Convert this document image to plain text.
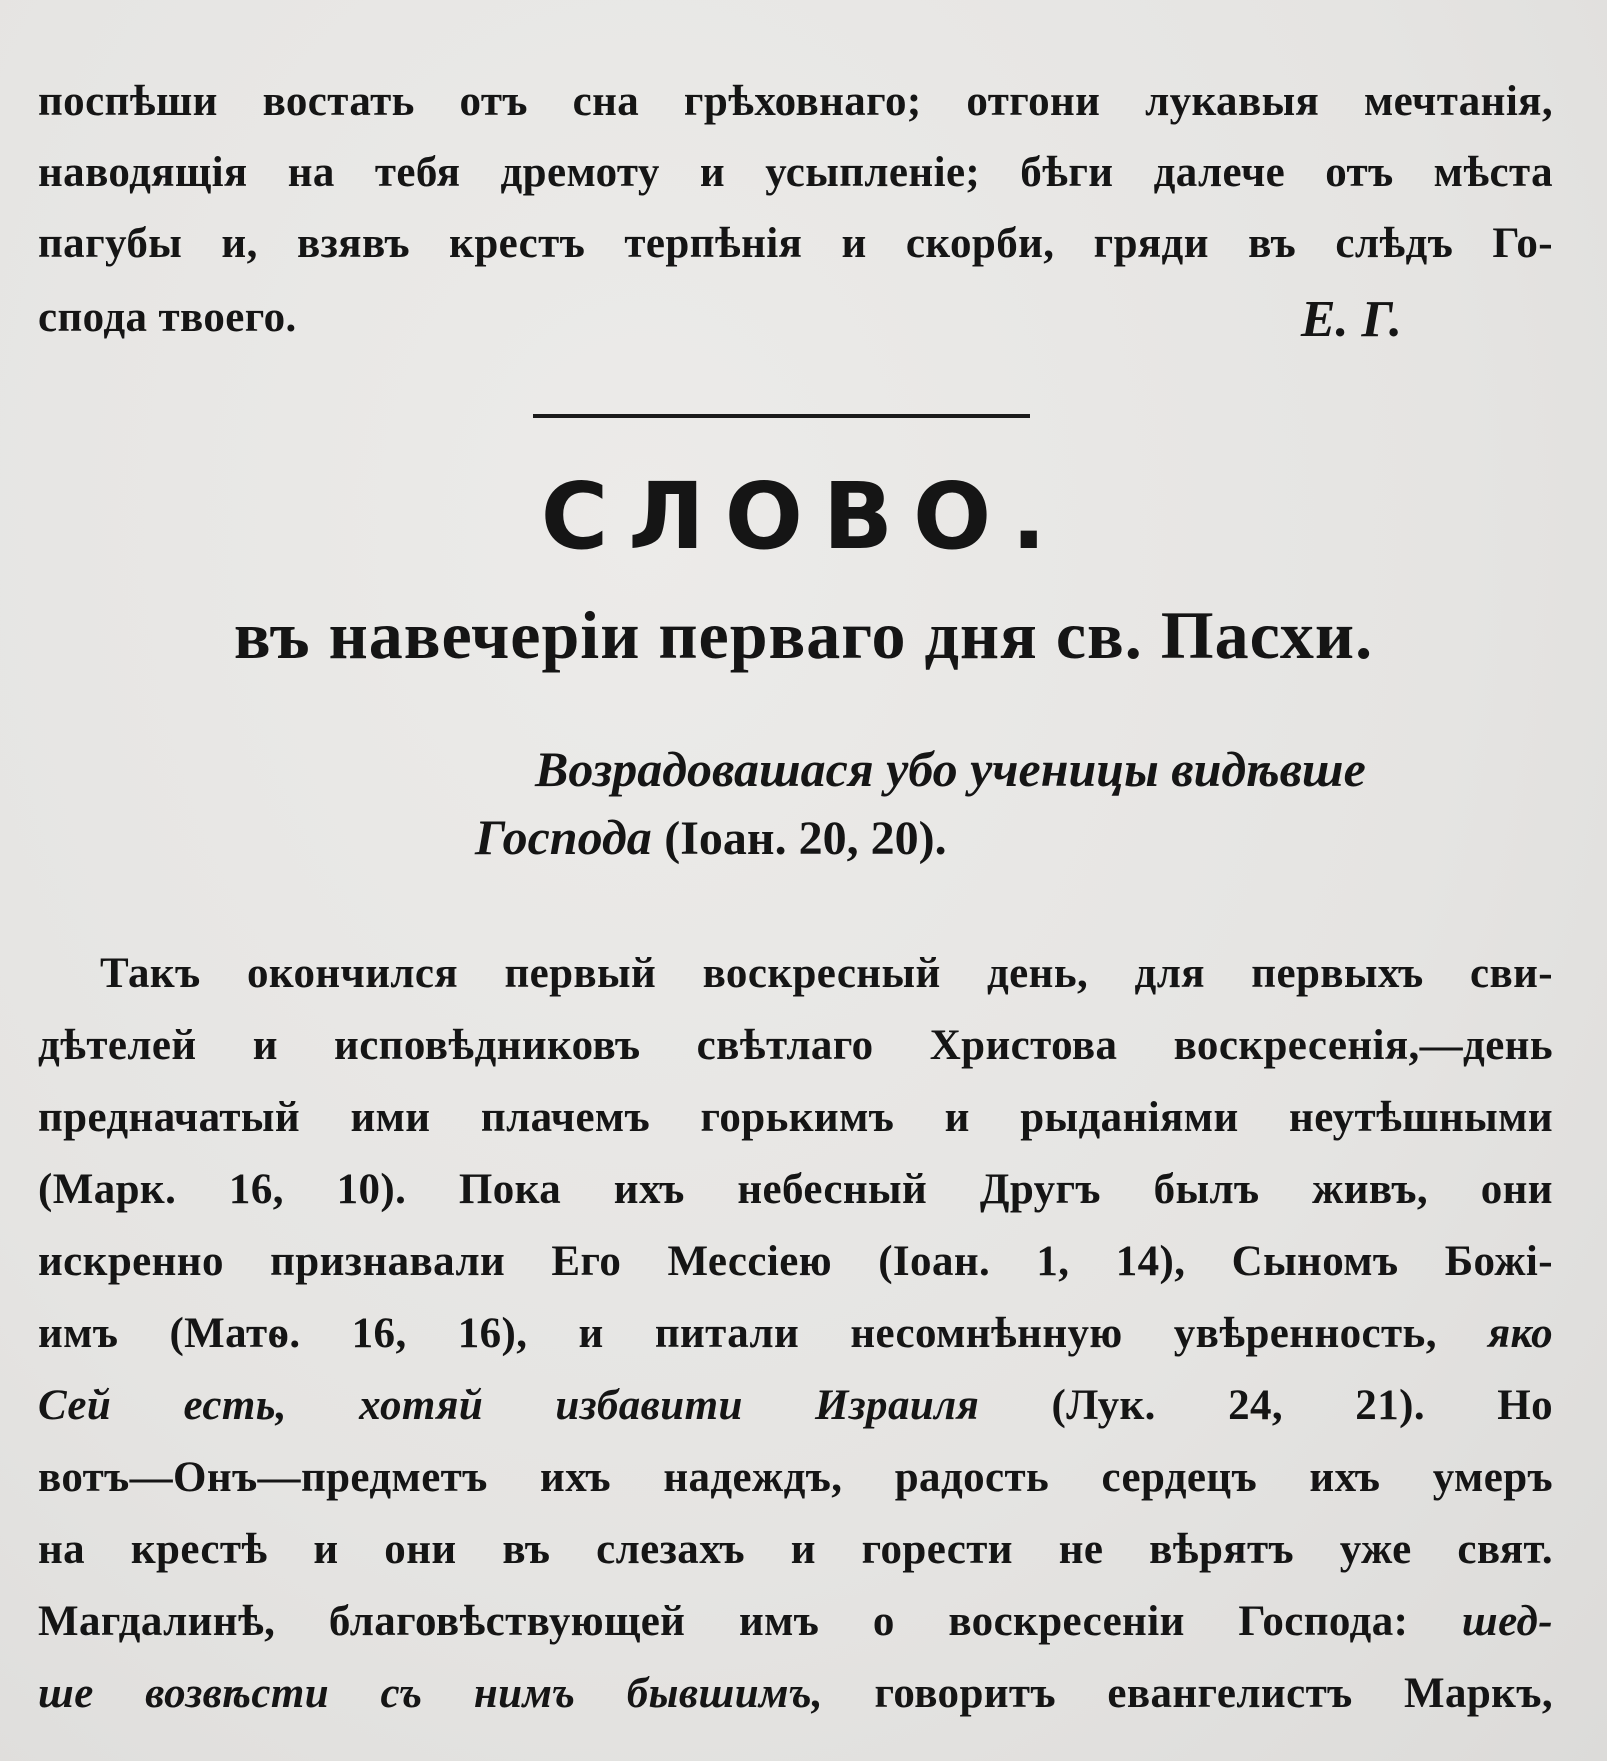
поспѣши востать отъ сна грѣховнаго; отгони лукавыя мечтанія,
наводящія на тебя дремоту и усыпленіе; бѣги далече отъ мѣста
пагубы и, взявъ крестъ терпѣнія и скорби, гряди въ слѣдъ Го-
спода твоего.	Е. Г.
СЛОВО.
въ навечеріи перваго дня св. Пасхи.
Возрадовашася убо ученицы видѣвше
Господа (Іоан. 20, 20).
Такъ окончился первый воскресный день, для первыхъ сви-
дѣтелей и исповѣдниковъ свѣтлаго Христова воскресенія,—день
предначатый ими плачемъ горькимъ и рыданіями неутѣшными
(Марк. 16, 10). Пока ихъ небесный Другъ былъ живъ, они
искренно признавали Его Мессіею (Іоан. 1, 14), Сыномъ Божі-
имъ (Матѳ. 16, 16), и питали несомнѣнную увѣренность, яко
Сей есть, хотяй избавити Израиля (Лук. 24, 21). Но
вотъ—Онъ—предметъ ихъ надеждъ, радость сердецъ ихъ умеръ
на крестѣ и они въ слезахъ и горести не вѣрятъ уже свят.
Магдалинѣ, благовѣствующей имъ о воскресеніи Господа: шед-
ше возвѣсти съ нимъ бывшимъ, говоритъ евангелистъ Маркъ,
